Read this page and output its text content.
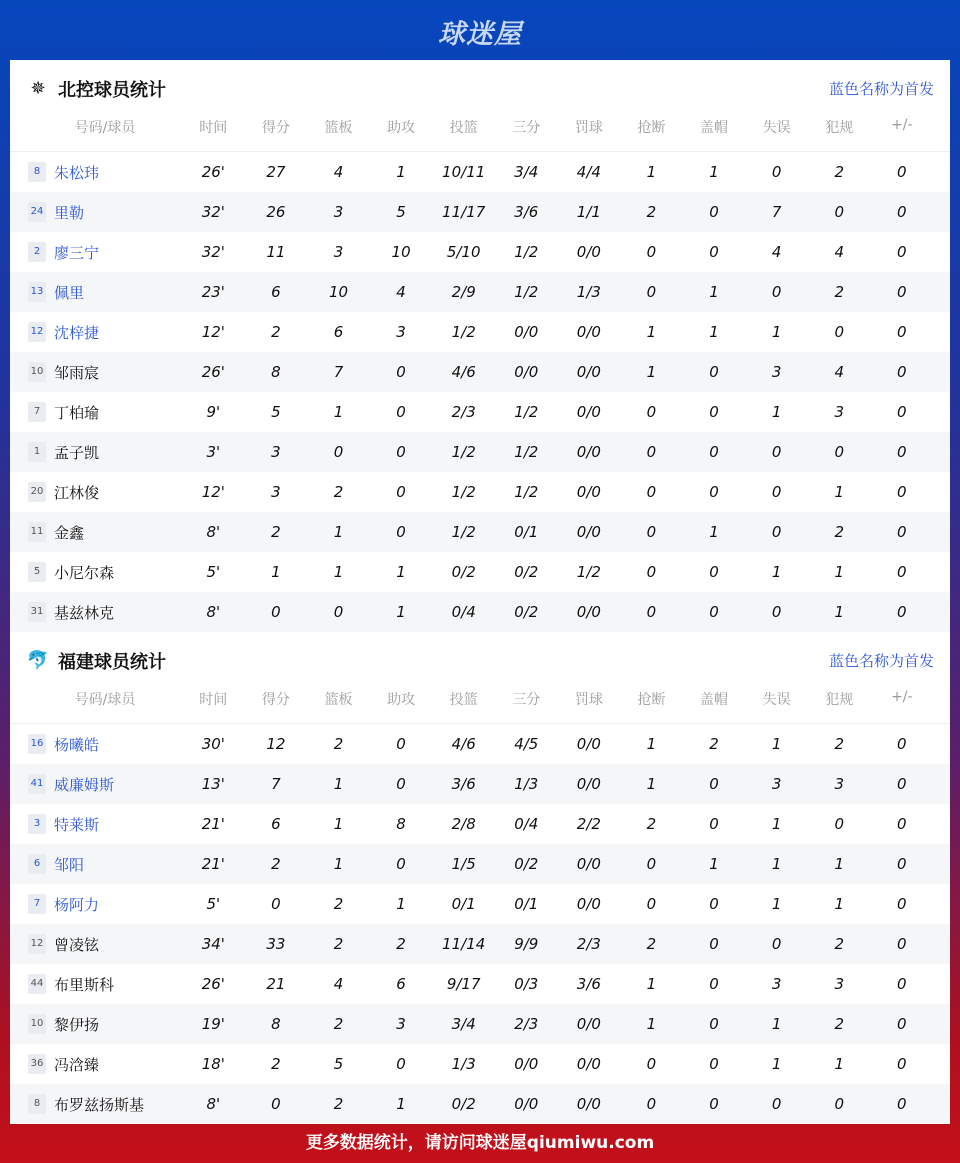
球迷屋
✵ 北控球员统计	蓝色名称为首发
号码/球员	时间	得分	篮板	助攻	投篮	三分	罚球	抢断	盖帽	失误	犯规	+/-
8 朱松玮	26'	27	4	1	10/11	3/4	4/4	1	1	0	2	0
24 里勒	32'	26	3	5	11/17	3/6	1/1	2	0	7	0	0
2 廖三宁	32'	11	3	10	5/10	1/2	0/0	0	0	4	4	0
13 佩里	23'	6	10	4	2/9	1/2	1/3	0	1	0	2	0
12 沈梓捷	12'	2	6	3	1/2	0/0	0/0	1	1	1	0	0
10 邹雨宸	26'	8	7	0	4/6	0/0	0/0	1	0	3	4	0
7 丁柏瑜	9'	5	1	0	2/3	1/2	0/0	0	0	1	3	0
1 孟子凯	3'	3	0	0	1/2	1/2	0/0	0	0	0	0	0
20 江林俊	12'	3	2	0	1/2	1/2	0/0	0	0	0	1	0
11 金鑫	8'	2	1	0	1/2	0/1	0/0	0	1	0	2	0
5 小尼尔森	5'	1	1	1	0/2	0/2	1/2	0	0	1	1	0
31 基兹林克	8'	0	0	1	0/4	0/2	0/0	0	0	0	1	0
🐬 福建球员统计	蓝色名称为首发
号码/球员	时间	得分	篮板	助攻	投篮	三分	罚球	抢断	盖帽	失误	犯规	+/-
16 杨曦皓	30'	12	2	0	4/6	4/5	0/0	1	2	1	2	0
41 威廉姆斯	13'	7	1	0	3/6	1/3	0/0	1	0	3	3	0
3 特莱斯	21'	6	1	8	2/8	0/4	2/2	2	0	1	0	0
6 邹阳	21'	2	1	0	1/5	0/2	0/0	0	1	1	1	0
7 杨阿力	5'	0	2	1	0/1	0/1	0/0	0	0	1	1	0
12 曾凌铉	34'	33	2	2	11/14	9/9	2/3	2	0	0	2	0
44 布里斯科	26'	21	4	6	9/17	0/3	3/6	1	0	3	3	0
10 黎伊扬	19'	8	2	3	3/4	2/3	0/0	1	0	1	2	0
36 冯浛臻	18'	2	5	0	1/3	0/0	0/0	0	0	1	1	0
8 布罗兹扬斯基	8'	0	2	1	0/2	0/0	0/0	0	0	0	0	0
更多数据统计，请访问球迷屋qiumiwu.com
